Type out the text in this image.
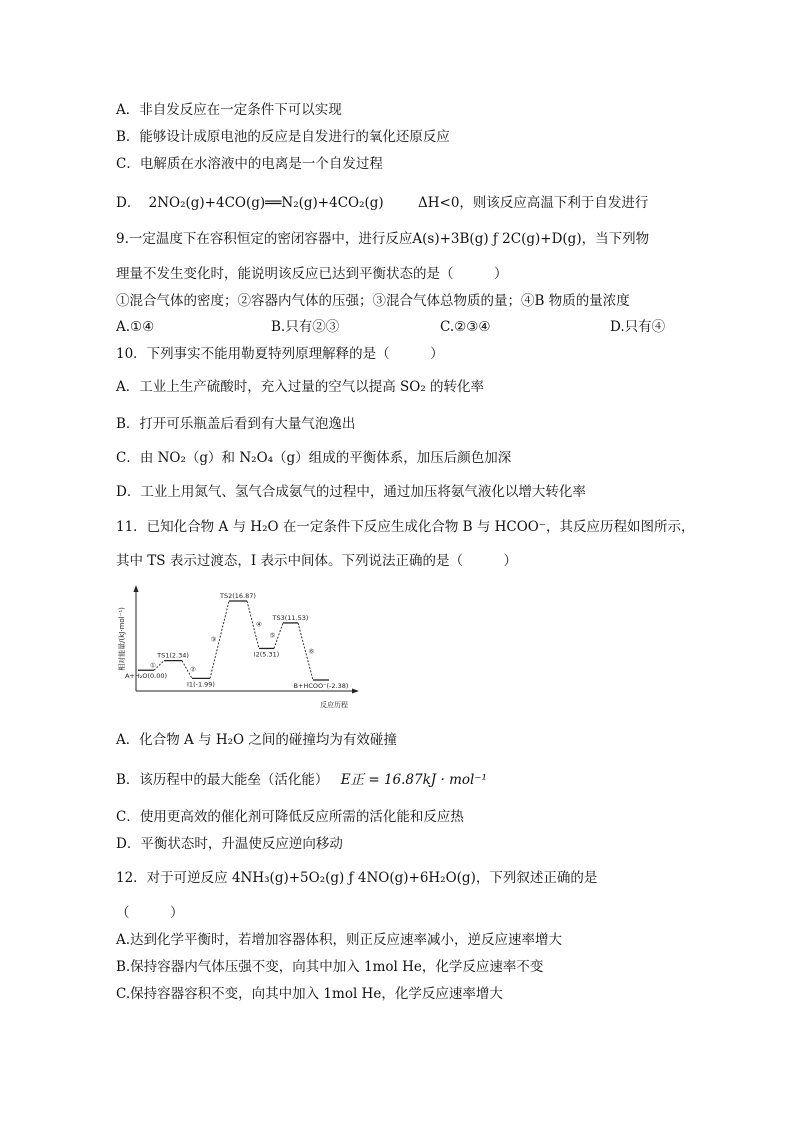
A．非自发反应在一定条件下可以实现
B．能够设计成原电池的反应是自发进行的氧化还原反应
C．电解质在水溶液中的电离是一个自发过程
D． 2NO₂(g)+4CO(g)══N₂(g)+4CO₂(g)	ΔH<0，则该反应高温下利于自发进行
9.一定温度下在容积恒定的密闭容器中，进行反应A(s)+3B(g) ƒ 2C(g)+D(g)，当下列物
理量不发生变化时，能说明该反应已达到平衡状态的是（　　　）
①混合气体的密度；②容器内气体的压强；③混合气体总物质的量；④B 物质的量浓度
A.①④	B.只有②③	C.②③④	D.只有④
10．下列事实不能用勒夏特列原理解释的是（　　　）
A．工业上生产硫酸时，充入过量的空气以提高 SO₂ 的转化率
B．打开可乐瓶盖后看到有大量气泡逸出
C．由 NO₂（g）和 N₂O₄（g）组成的平衡体系，加压后颜色加深
D．工业上用氮气、氢气合成氨气的过程中，通过加压将氨气液化以增大转化率
11．已知化合物 A 与 H₂O 在一定条件下反应生成化合物 B 与 HCOO⁻，其反应历程如图所示，
其中 TS 表示过渡态，I 表示中间体。下列说法正确的是（　　　）
相对能量/(kJ·mol⁻¹)
反应历程
A+H₂O(0.00)
TS1(2.34)
I1(-1.99)
TS2(16.87)
I2(5.31)
TS3(11.53)
B+HCOO⁻(-2.38)
①
②
③
④
⑤
⑥
A．化合物 A 与 H₂O 之间的碰撞均为有效碰撞
B．该历程中的最大能垒（活化能） E正 = 16.87kJ · mol⁻¹
C．使用更高效的催化剂可降低反应所需的活化能和反应热
D．平衡状态时，升温使反应逆向移动
12．对于可逆反应 4NH₃(g)+5O₂(g) ƒ 4NO(g)+6H₂O(g)，下列叙述正确的是
（　　　）
A.达到化学平衡时，若增加容器体积，则正反应速率减小，逆反应速率增大
B.保持容器内气体压强不变，向其中加入 1mol He，化学反应速率不变
C.保持容器容积不变，向其中加入 1mol He，化学反应速率增大
